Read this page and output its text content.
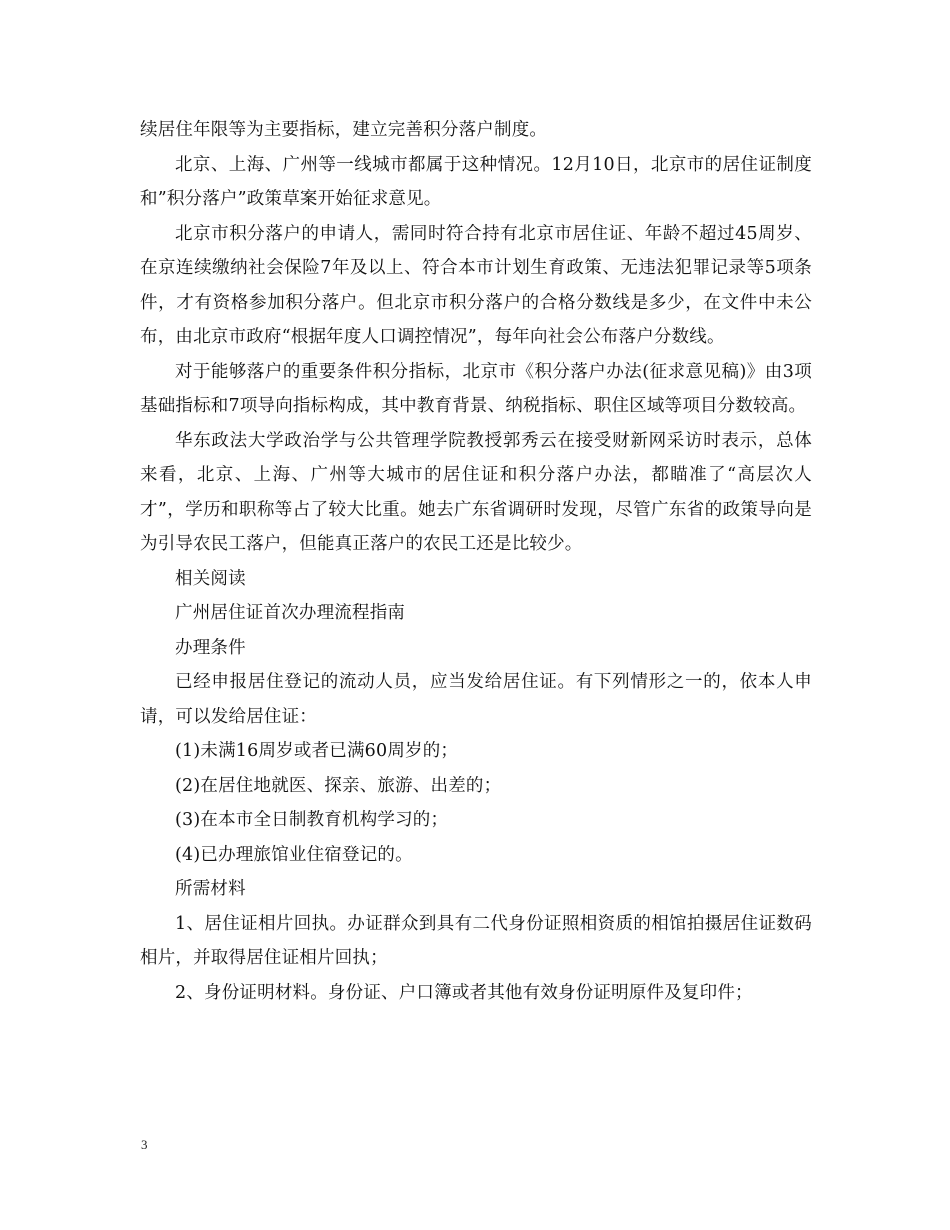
续居住年限等为主要指标，建立完善积分落户制度。

北京、上海、广州等一线城市都属于这种情况。12月10日，北京市的居住证制度和”积分落户”政策草案开始征求意见。

北京市积分落户的申请人，需同时符合持有北京市居住证、年龄不超过45周岁、在京连续缴纳社会保险7年及以上、符合本市计划生育政策、无违法犯罪记录等5项条件，才有资格参加积分落户。但北京市积分落户的合格分数线是多少，在文件中未公布，由北京市政府“根据年度人口调控情况”，每年向社会公布落户分数线。

对于能够落户的重要条件积分指标，北京市《积分落户办法(征求意见稿)》由3项基础指标和7项导向指标构成，其中教育背景、纳税指标、职住区域等项目分数较高。

华东政法大学政治学与公共管理学院教授郭秀云在接受财新网采访时表示，总体来看，北京、上海、广州等大城市的居住证和积分落户办法，都瞄准了“高层次人才”，学历和职称等占了较大比重。她去广东省调研时发现，尽管广东省的政策导向是为引导农民工落户，但能真正落户的农民工还是比较少。

相关阅读

广州居住证首次办理流程指南

办理条件

已经申报居住登记的流动人员，应当发给居住证。有下列情形之一的，依本人申请，可以发给居住证：

(1)未满16周岁或者已满60周岁的；

(2)在居住地就医、探亲、旅游、出差的；

(3)在本市全日制教育机构学习的；

(4)已办理旅馆业住宿登记的。

所需材料

1、居住证相片回执。办证群众到具有二代身份证照相资质的相馆拍摄居住证数码相片，并取得居住证相片回执；

2、身份证明材料。身份证、户口簿或者其他有效身份证明原件及复印件；

3
